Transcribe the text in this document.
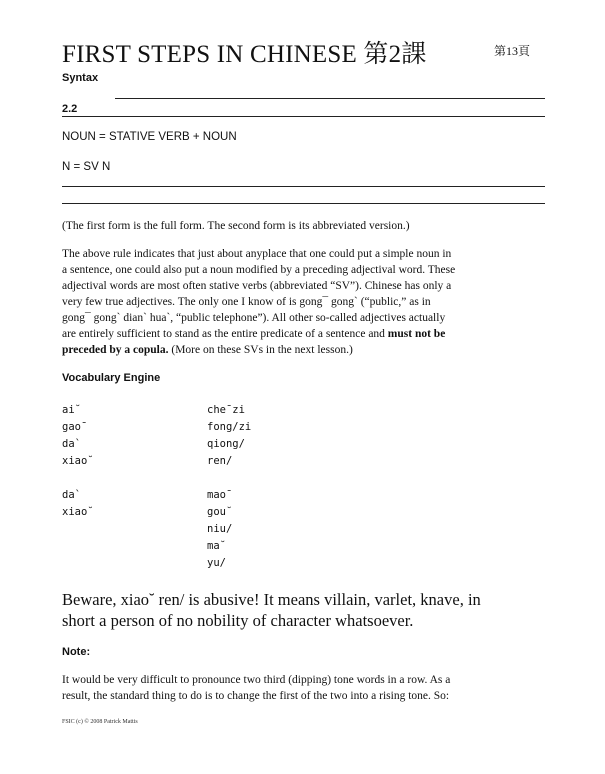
FIRST STEPS IN CHINESE 第2課	第13頁
Syntax
2.2
NOUN = STATIVE VERB + NOUN
N = SV N
(The first form is the full form. The second form is its abbreviated version.)
The above rule indicates that just about anyplace that one could put a simple noun in
a sentence, one could also put a noun modified by a preceding adjectival word. These
adjectival words are most often stative verbs (abbreviated “SV”). Chinese has only a
very few true adjectives. The only one I know of is gong¯ gong` (“public,” as in
gong¯ gong` dian` hua`, “public telephone”). All other so-called adjectives actually
are entirely sufficient to stand as the entire predicate of a sentence and must not be
preceded by a copula. (More on these SVs in the next lesson.)
Vocabulary Engine
ai˘
gao¯
da`
xiao˘
che¯zi
fong/zi
qiong/
ren/
da`
xiao˘
mao¯
gou˘
niu/
ma˘
yu/
Beware, xiao˘ ren/ is abusive! It means villain, varlet, knave, in
short a person of no nobility of character whatsoever.
Note:
It would be very difficult to pronounce two third (dipping) tone words in a row. As a
result, the standard thing to do is to change the first of the two into a rising tone. So:
FSIC (c) © 2008 Patrick Mattis
